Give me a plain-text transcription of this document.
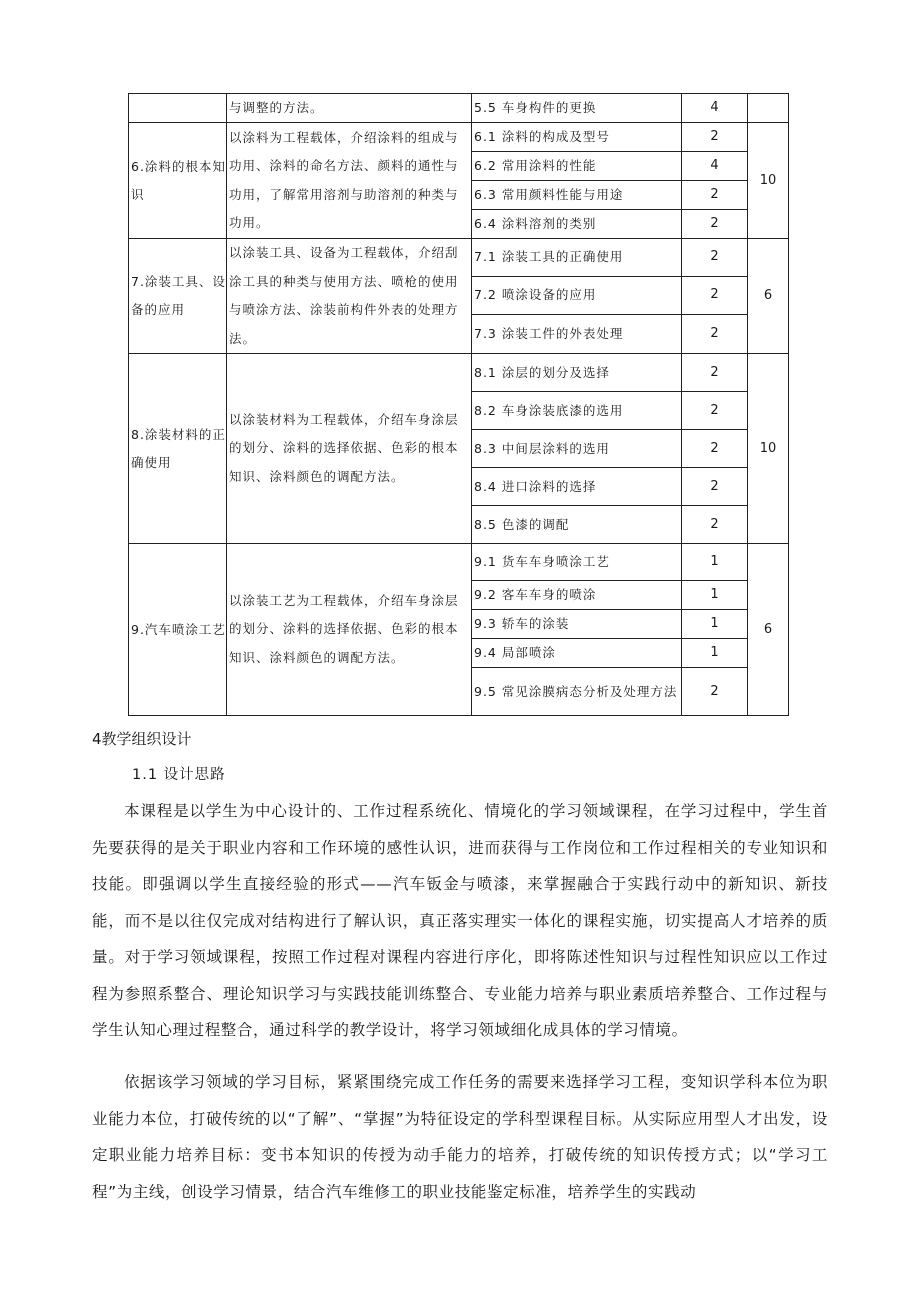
	与调整的方法。	5.5 车身构件的更换	4	
6.涂料的根本知识	以涂料为工程载体，介绍涂料的组成与功用、涂料的命名方法、颜料的通性与功用，了解常用溶剂与助溶剂的种类与功用。	6.1 涂料的构成及型号	2	10
		6.2 常用涂料的性能	4	
		6.3 常用颜料性能与用途	2	
		6.4 涂料溶剂的类别	2	
7.涂装工具、设备的应用	以涂装工具、设备为工程载体，介绍刮涂工具的种类与使用方法、喷枪的使用与喷涂方法、涂装前构件外表的处理方法。	7.1 涂装工具的正确使用	2	6
		7.2 喷涂设备的应用	2	
		7.3 涂装工件的外表处理	2	
8.涂装材料的正确使用	以涂装材料为工程载体，介绍车身涂层的划分、涂料的选择依据、色彩的根本知识、涂料颜色的调配方法。	8.1 涂层的划分及选择	2	10
		8.2 车身涂装底漆的选用	2	
		8.3 中间层涂料的选用	2	
		8.4 进口涂料的选择	2	
		8.5 色漆的调配	2	
9.汽车喷涂工艺	以涂装工艺为工程载体，介绍车身涂层的划分、涂料的选择依据、色彩的根本知识、涂料颜色的调配方法。	9.1 货车车身喷涂工艺	1	6
		9.2 客车车身的喷涂	1	
		9.3 轿车的涂装	1	
		9.4 局部喷涂	1	
		9.5 常见涂膜病态分析及处理方法	2	
4教学组织设计
1.1 设计思路

本课程是以学生为中心设计的、工作过程系统化、情境化的学习领域课程，在学习过程中，学生首先要获得的是关于职业内容和工作环境的感性认识，进而获得与工作岗位和工作过程相关的专业知识和技能。即强调以学生直接经验的形式——汽车钣金与喷漆，来掌握融合于实践行动中的新知识、新技能，而不是以往仅完成对结构进行了解认识，真正落实理实一体化的课程实施，切实提高人才培养的质量。对于学习领域课程，按照工作过程对课程内容进行序化，即将陈述性知识与过程性知识应以工作过程为参照系整合、理论知识学习与实践技能训练整合、专业能力培养与职业素质培养整合、工作过程与学生认知心理过程整合，通过科学的教学设计，将学习领域细化成具体的学习情境。

依据该学习领域的学习目标，紧紧围绕完成工作任务的需要来选择学习工程，变知识学科本位为职业能力本位，打破传统的以“了解”、“掌握”为特征设定的学科型课程目标。从实际应用型人才出发，设定职业能力培养目标：变书本知识的传授为动手能力的培养，打破传统的知识传授方式；以“学习工程”为主线，创设学习情景，结合汽车维修工的职业技能鉴定标准，培养学生的实践动
